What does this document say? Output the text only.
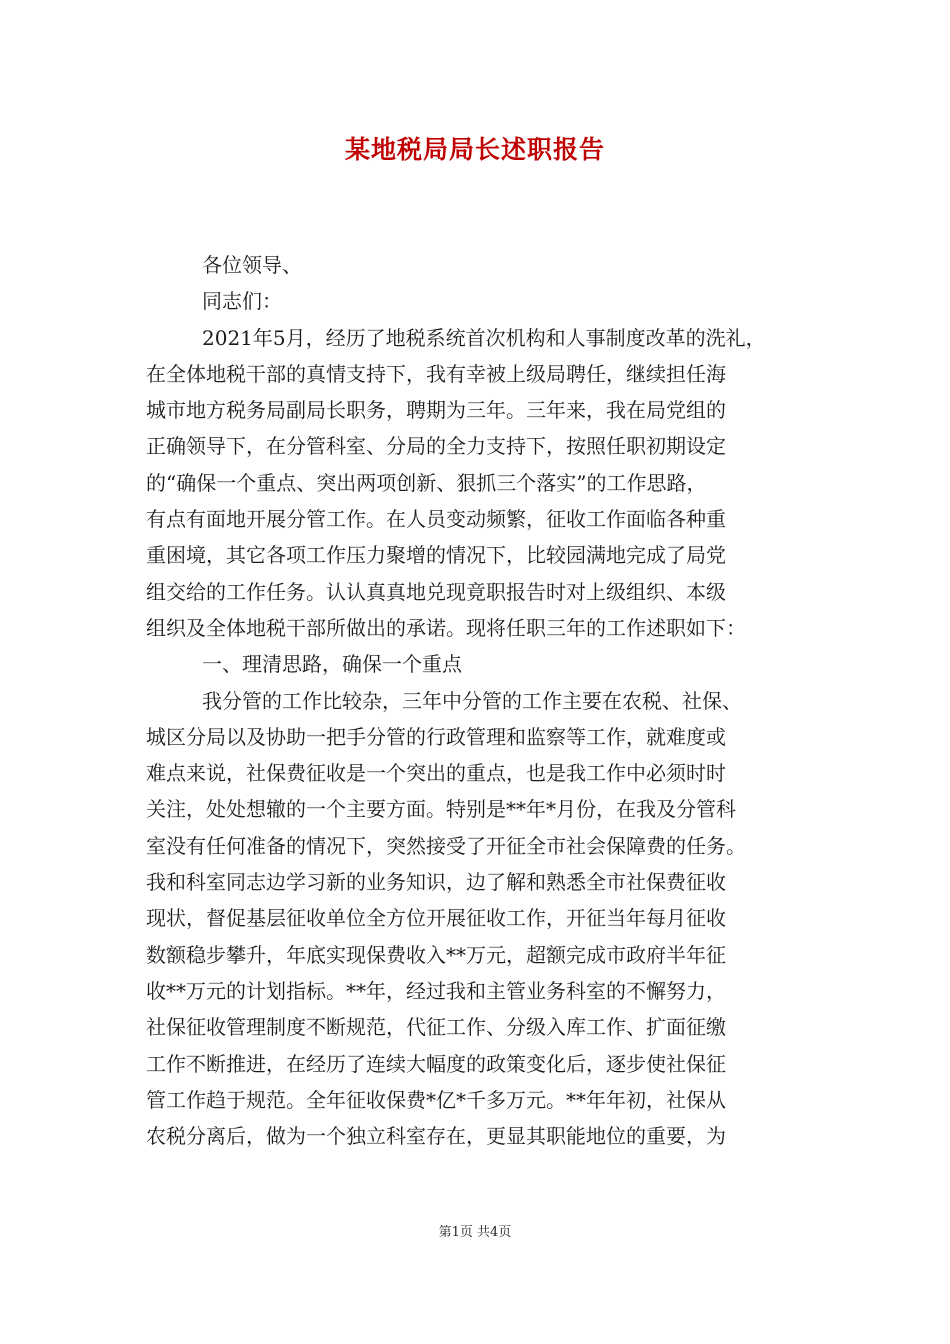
某地税局局长述职报告
各位领导、
同志们：
2021年5月，经历了地税系统首次机构和人事制度改革的洗礼，
在全体地税干部的真情支持下，我有幸被上级局聘任，继续担任海
城市地方税务局副局长职务，聘期为三年。三年来，我在局党组的
正确领导下，在分管科室、分局的全力支持下，按照任职初期设定
的“确保一个重点、突出两项创新、狠抓三个落实”的工作思路，
有点有面地开展分管工作。在人员变动频繁，征收工作面临各种重
重困境，其它各项工作压力聚增的情况下，比较园满地完成了局党
组交给的工作任务。认认真真地兑现竟职报告时对上级组织、本级
组织及全体地税干部所做出的承诺。现将任职三年的工作述职如下：
一、理清思路，确保一个重点
我分管的工作比较杂，三年中分管的工作主要在农税、社保、
城区分局以及协助一把手分管的行政管理和监察等工作，就难度或
难点来说，社保费征收是一个突出的重点，也是我工作中必须时时
关注，处处想辙的一个主要方面。特别是**年*月份，在我及分管科
室没有任何准备的情况下，突然接受了开征全市社会保障费的任务。
我和科室同志边学习新的业务知识，边了解和熟悉全市社保费征收
现状，督促基层征收单位全方位开展征收工作，开征当年每月征收
数额稳步攀升，年底实现保费收入**万元，超额完成市政府半年征
收**万元的计划指标。**年，经过我和主管业务科室的不懈努力，
社保征收管理制度不断规范，代征工作、分级入库工作、扩面征缴
工作不断推进，在经历了连续大幅度的政策变化后，逐步使社保征
管工作趋于规范。全年征收保费*亿*千多万元。**年年初，社保从
农税分离后，做为一个独立科室存在，更显其职能地位的重要，为
第1页 共4页
